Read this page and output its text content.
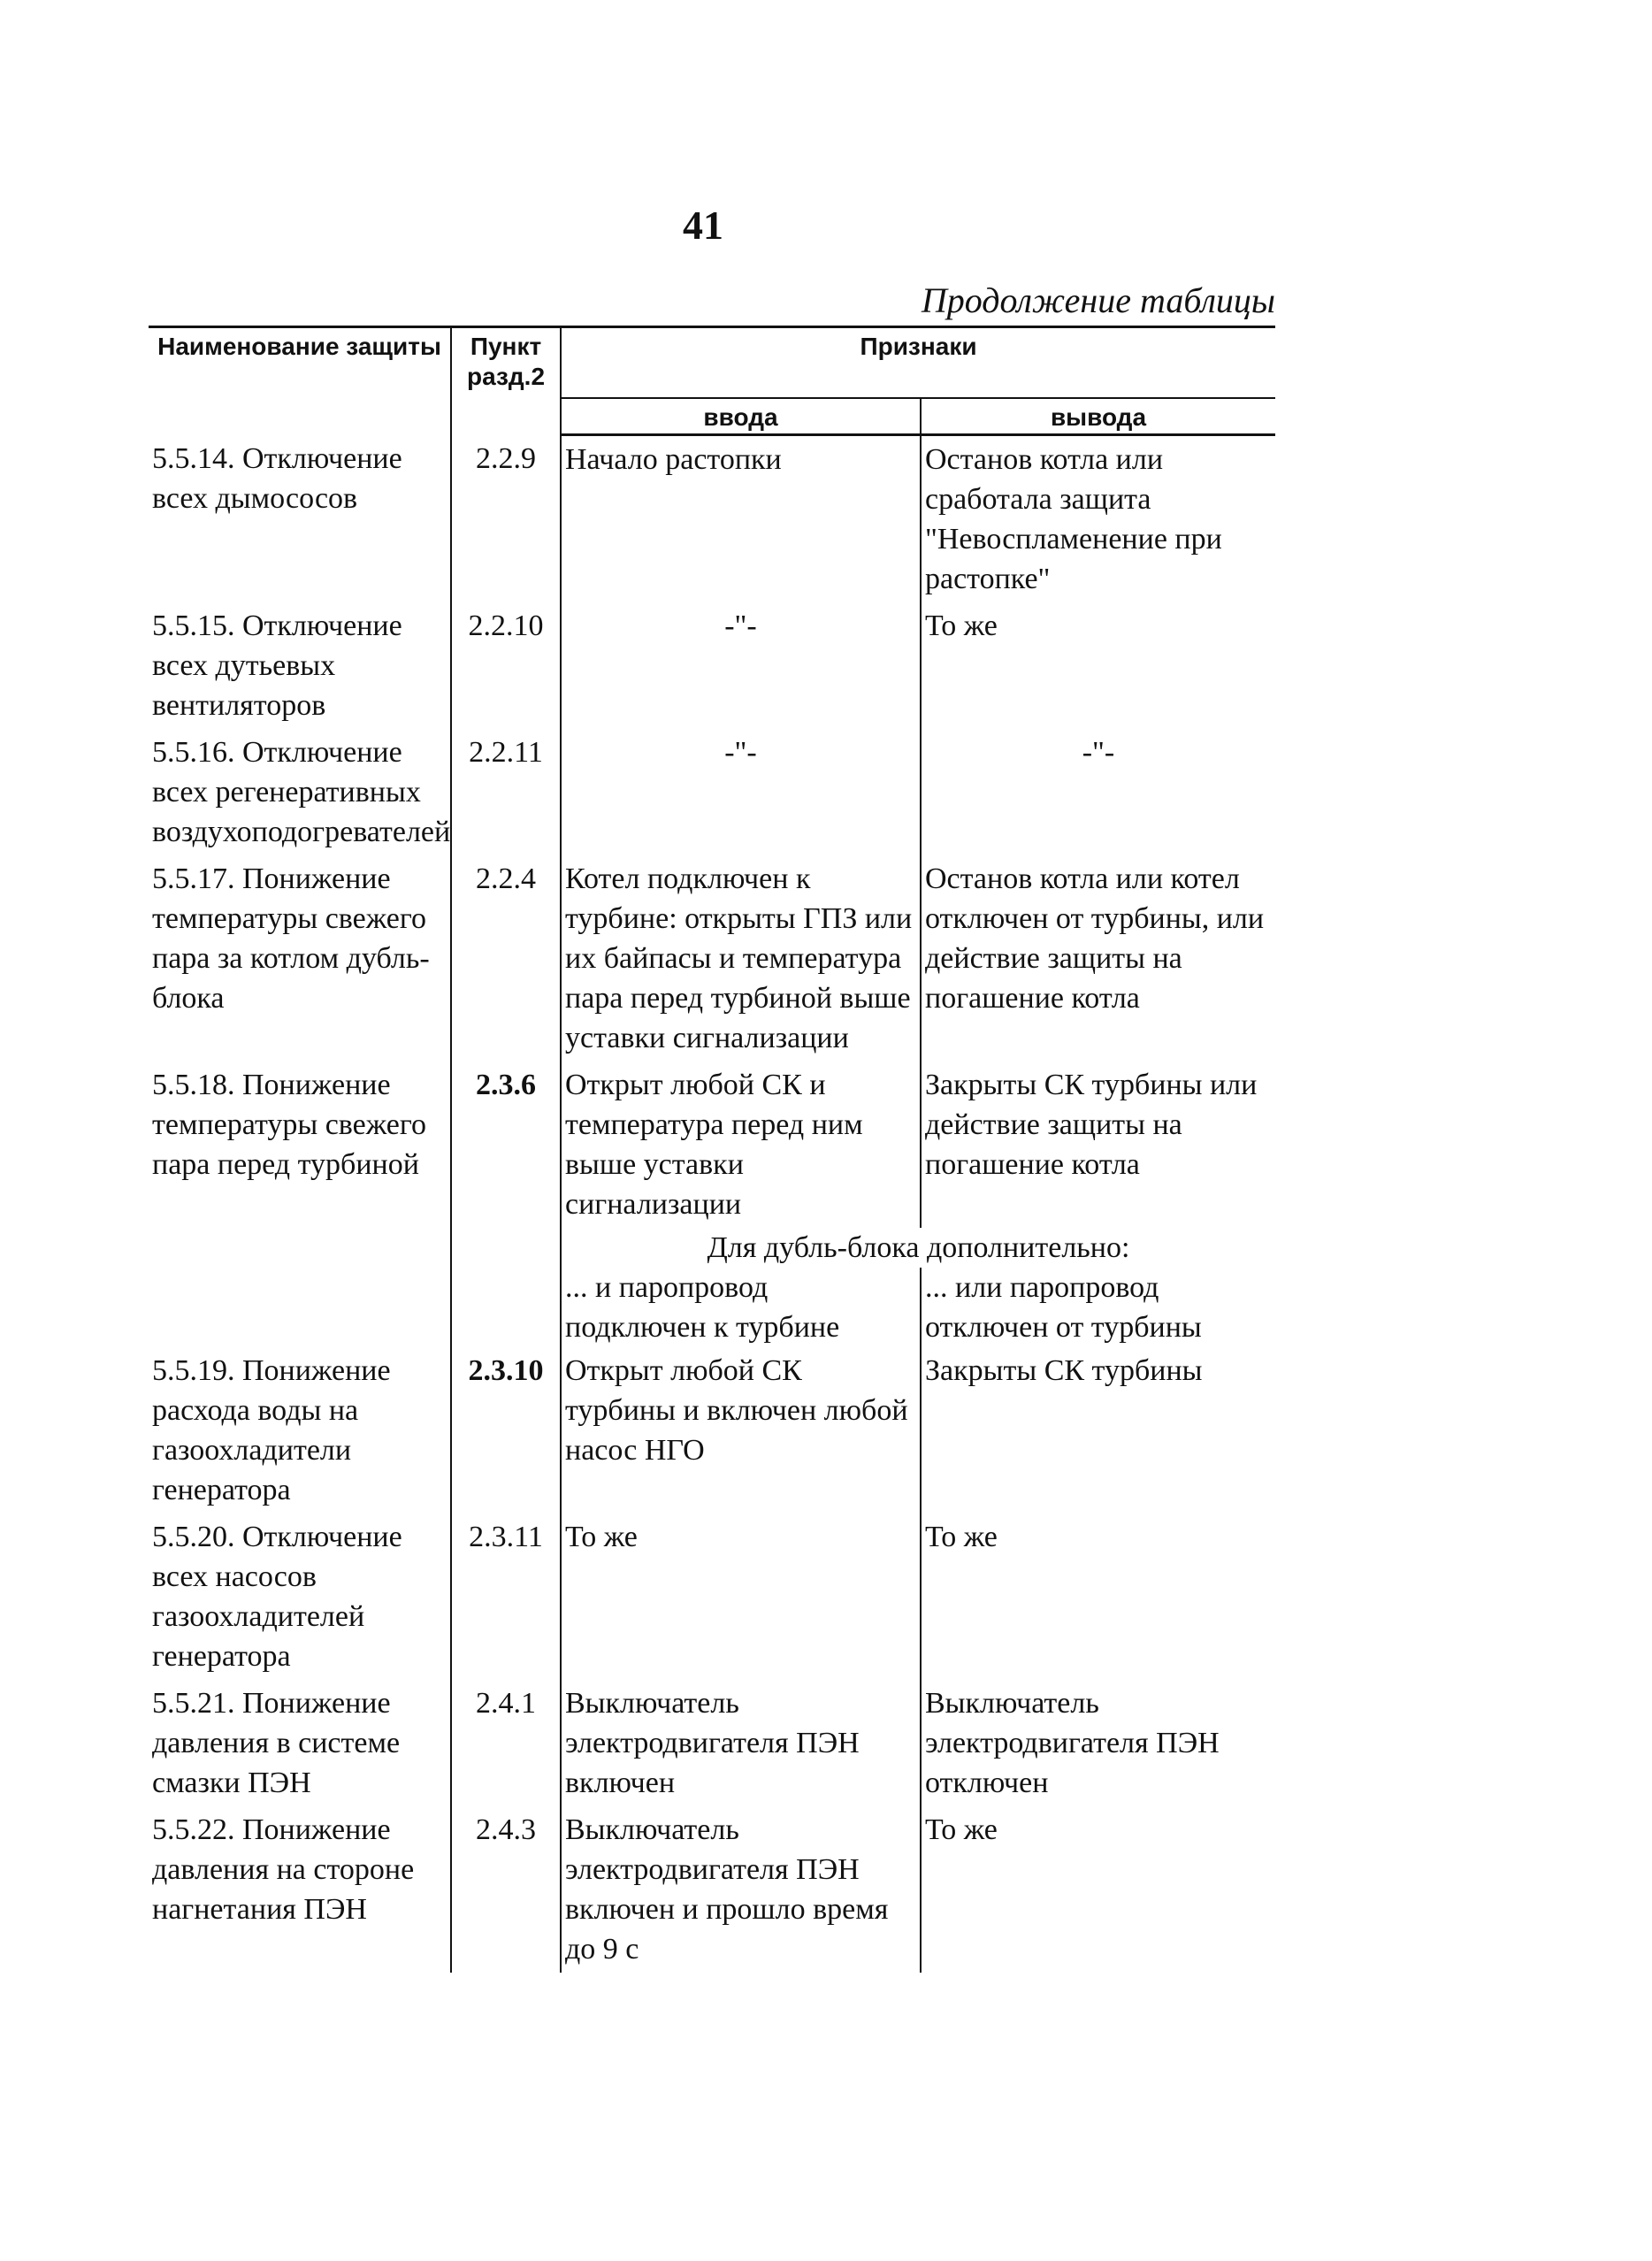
41
Продолжение таблицы
Наименование защиты	Пункт разд.2	Признаки	
		ввода	вывода
5.5.14. Отключение всех дымососов	2.2.9	Начало растопки	Останов котла или сработала защита "Невоспламенение при растопке"
5.5.15. Отключение всех дутьевых вентиляторов	2.2.10	-"-	То же
5.5.16. Отключение всех регенеративных воздухоподогревателей	2.2.11	-"-	-"-
5.5.17. Понижение температуры свежего пара за котлом дубль-блока	2.2.4	Котел подключен к турбине: открыты ГПЗ или их байпасы и температура пара перед турбиной выше уставки сигнализации	Останов котла или котел отключен от турбины, или действие защиты на погашение котла
5.5.18. Понижение температуры свежего пара перед турбиной	2.3.6	Открыт любой СК и температура перед ним выше уставки сигнализации	Закрыты СК турбины или действие защиты на погашение котла
		Для дубль-блока дополнительно:	
		... и паропровод подключен к турбине	... или паропровод отключен от турбины
5.5.19. Понижение расхода воды на газоохладители генератора	2.3.10	Открыт любой СК турбины и включен любой насос НГО	Закрыты СК турбины
5.5.20. Отключение всех насосов газоохладителей генератора	2.3.11	То же	То же
5.5.21. Понижение давления в системе смазки ПЭН	2.4.1	Выключатель электродвигателя ПЭН включен	Выключатель электродвигателя ПЭН отключен
5.5.22. Понижение давления на стороне нагнетания ПЭН	2.4.3	Выключатель электродвигателя ПЭН включен и прошло время до 9 с	То же
